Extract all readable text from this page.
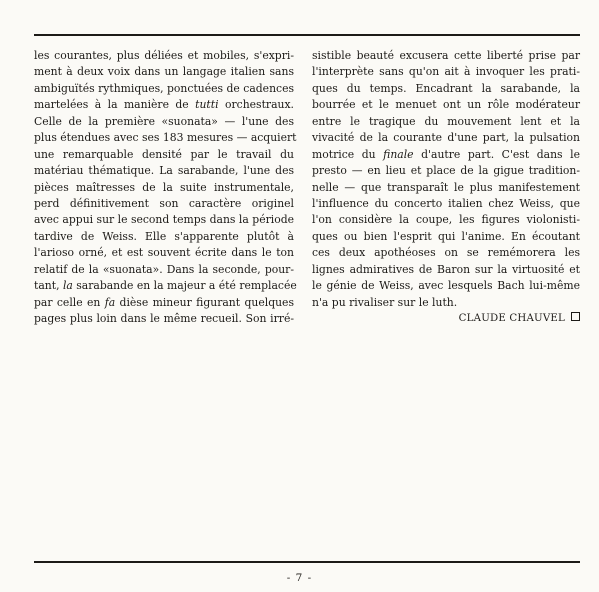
les courantes, plus déliées et mobiles, s'expri-
ment à deux voix dans un langage italien sans
ambiguïtés rythmiques, ponctuées de cadences
martelées à la manière de tutti orchestraux.
Celle de la première «suonata» — l'une des
plus étendues avec ses 183 mesures — acquiert
une remarquable densité par le travail du
matériau thématique. La sarabande, l'une des
pièces maîtresses de la suite instrumentale,
perd définitivement son caractère originel
avec appui sur le second temps dans la période
tardive de Weiss. Elle s'apparente plutôt à
l'arioso orné, et est souvent écrite dans le ton
relatif de la «suonata». Dans la seconde, pour-
tant, la sarabande en la majeur a été remplacée
par celle en fa dièse mineur figurant quelques
pages plus loin dans le même recueil. Son irré-
sistible beauté excusera cette liberté prise par
l'interprète sans qu'on ait à invoquer les prati-
ques du temps. Encadrant la sarabande, la
bourrée et le menuet ont un rôle modérateur
entre le tragique du mouvement lent et la
vivacité de la courante d'une part, la pulsation
motrice du finale d'autre part. C'est dans le
presto — en lieu et place de la gigue tradition-
nelle — que transparaît le plus manifestement
l'influence du concerto italien chez Weiss, que
l'on considère la coupe, les figures violonisti-
ques ou bien l'esprit qui l'anime. En écoutant
ces deux apothéoses on se remémorera les
lignes admiratives de Baron sur la virtuosité et
le génie de Weiss, avec lesquels Bach lui-même
n'a pu rivaliser sur le luth.
CLAUDE CHAUVEL
- 7 -
